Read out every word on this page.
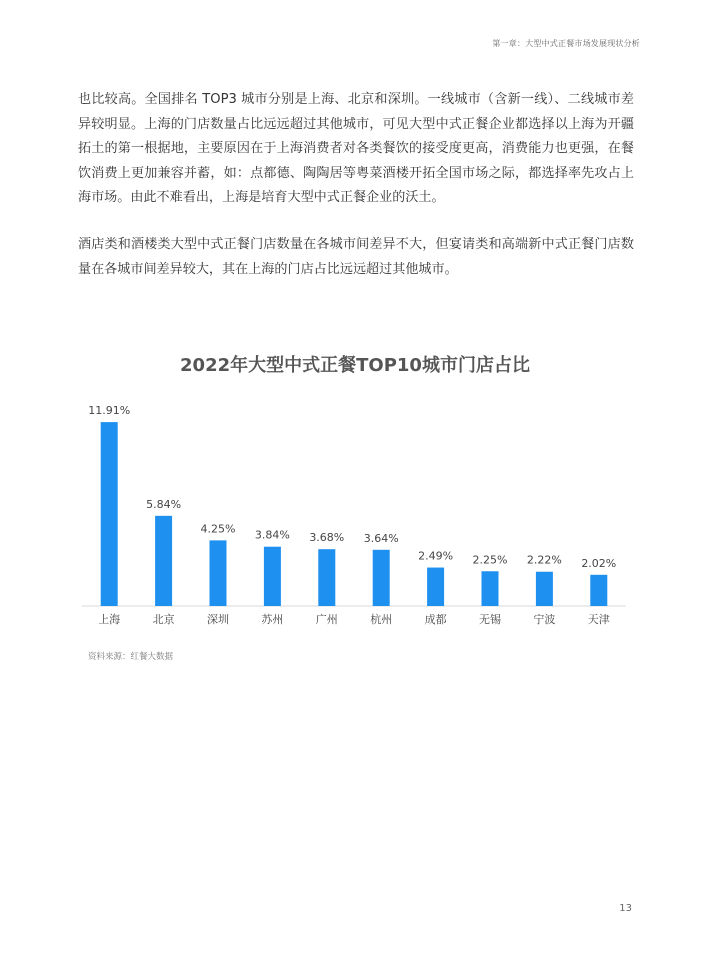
第一章：大型中式正餐市场发展现状分析

也比较高。全国排名 TOP3 城市分别是上海、北京和深圳。一线城市（含新一线）、二线城市差异较明显。上海的门店数量占比远远超过其他城市，可见大型中式正餐企业都选择以上海为开疆拓土的第一根据地，主要原因在于上海消费者对各类餐饮的接受度更高，消费能力也更强，在餐饮消费上更加兼容并蓄，如：点都德、陶陶居等粤菜酒楼开拓全国市场之际，都选择率先攻占上海市场。由此不难看出，上海是培育大型中式正餐企业的沃土。

酒店类和酒楼类大型中式正餐门店数量在各城市间差异不大，但宴请类和高端新中式正餐门店数量在各城市间差异较大，其在上海的门店占比远远超过其他城市。

2022年大型中式正餐TOP10城市门店占比
11.91%
上海
5.84%
北京
4.25%
深圳
3.84%
苏州
3.68%
广州
3.64%
杭州
2.49%
成都
2.25%
无锡
2.22%
宁波
2.02%
天津
资料来源：红餐大数据
13
